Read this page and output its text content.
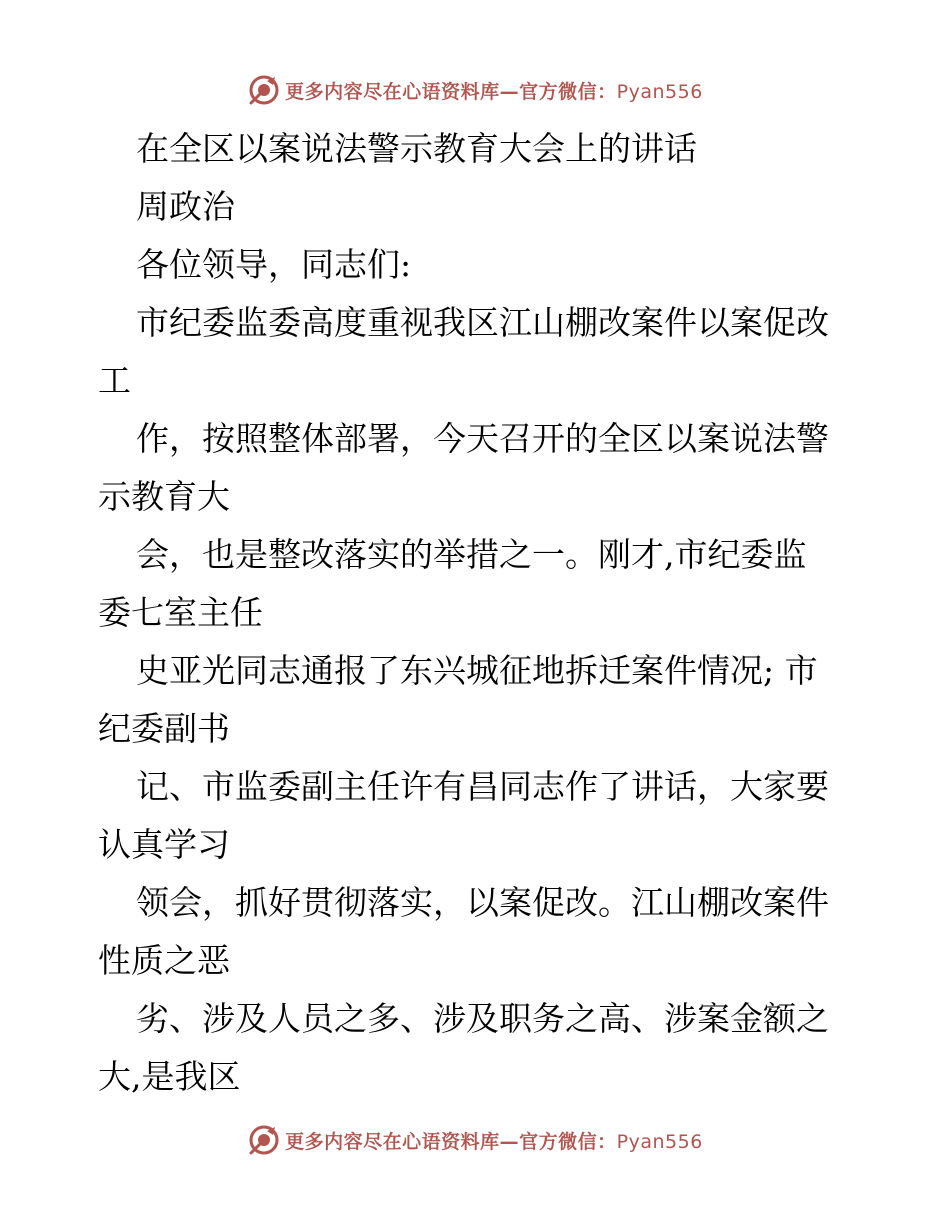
更多内容尽在心语资料库—官方微信：Pyan556
在全区以案说法警示教育大会上的讲话
周政治
各位领导，同志们:
市纪委监委高度重视我区江山棚改案件以案促改
工
作，按照整体部署，今天召开的全区以案说法警
示教育大
会，也是整改落实的举措之一。刚才,市纪委监
委七室主任
史亚光同志通报了东兴城征地拆迁案件情况; 市
纪委副书
记、市监委副主任许有昌同志作了讲话，大家要
认真学习
领会，抓好贯彻落实，以案促改。江山棚改案件
性质之恶
劣、涉及人员之多、涉及职务之高、涉案金额之
大,是我区
更多内容尽在心语资料库—官方微信：Pyan556
